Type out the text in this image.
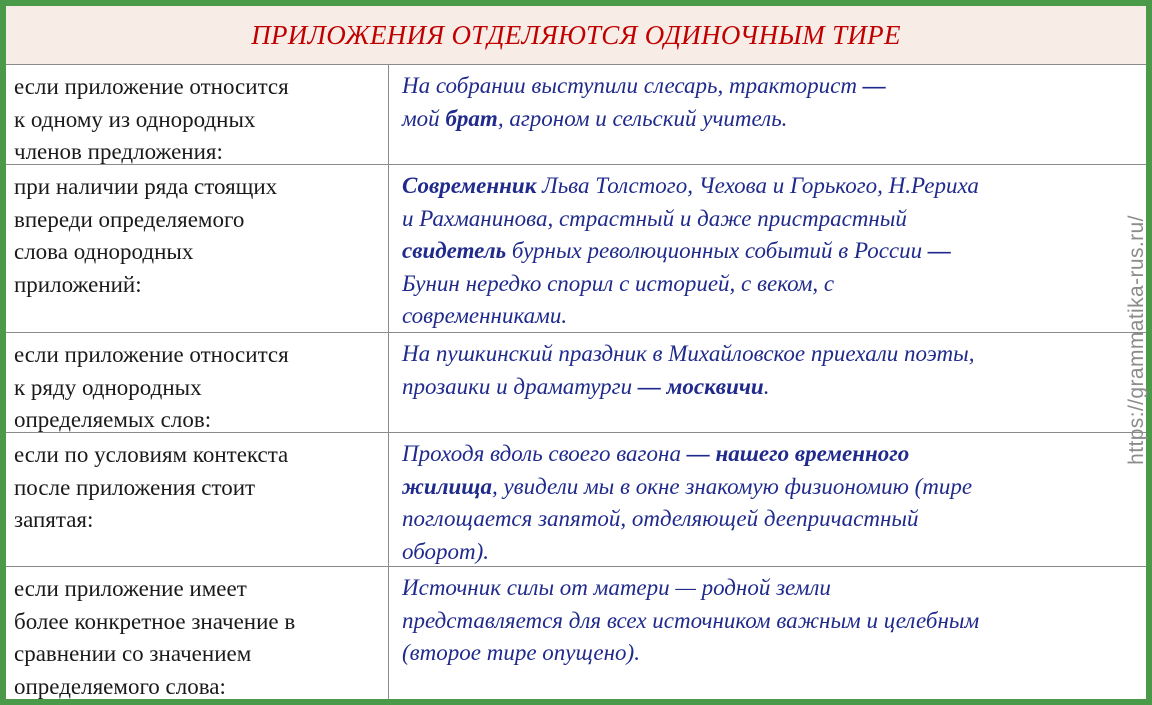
ПРИЛОЖЕНИЯ ОТДЕЛЯЮТСЯ ОДИНОЧНЫМ ТИРЕ
если приложение относится
к одному из однородных
членов предложения:
На собрании выступили слесарь, тракторист —
мой брат, агроном и сельский учитель.
при наличии ряда стоящих
впереди определяемого
слова однородных
приложений:
Современник Льва Толстого, Чехова и Горького, Н.Рериха
и Рахманинова, страстный и даже пристрастный
свидетель бурных революционных событий в России —
Бунин нередко спорил с историей, с веком, с
современниками.
если приложение относится
к ряду однородных
определяемых слов:
На пушкинский праздник в Михайловское приехали поэты,
прозаики и драматурги — москвичи.
если по условиям контекста
после приложения стоит
запятая:
Проходя вдоль своего вагона — нашего временного
жилища, увидели мы в окне знакомую физиономию (тире
поглощается запятой, отделяющей деепричастный
оборот).
если приложение имеет
более конкретное значение в
сравнении со значением
определяемого слова:
Источник силы от матери — родной земли
представляется для всех источником важным и целебным
(второе тире опущено).
https://grammatika-rus.ru/
